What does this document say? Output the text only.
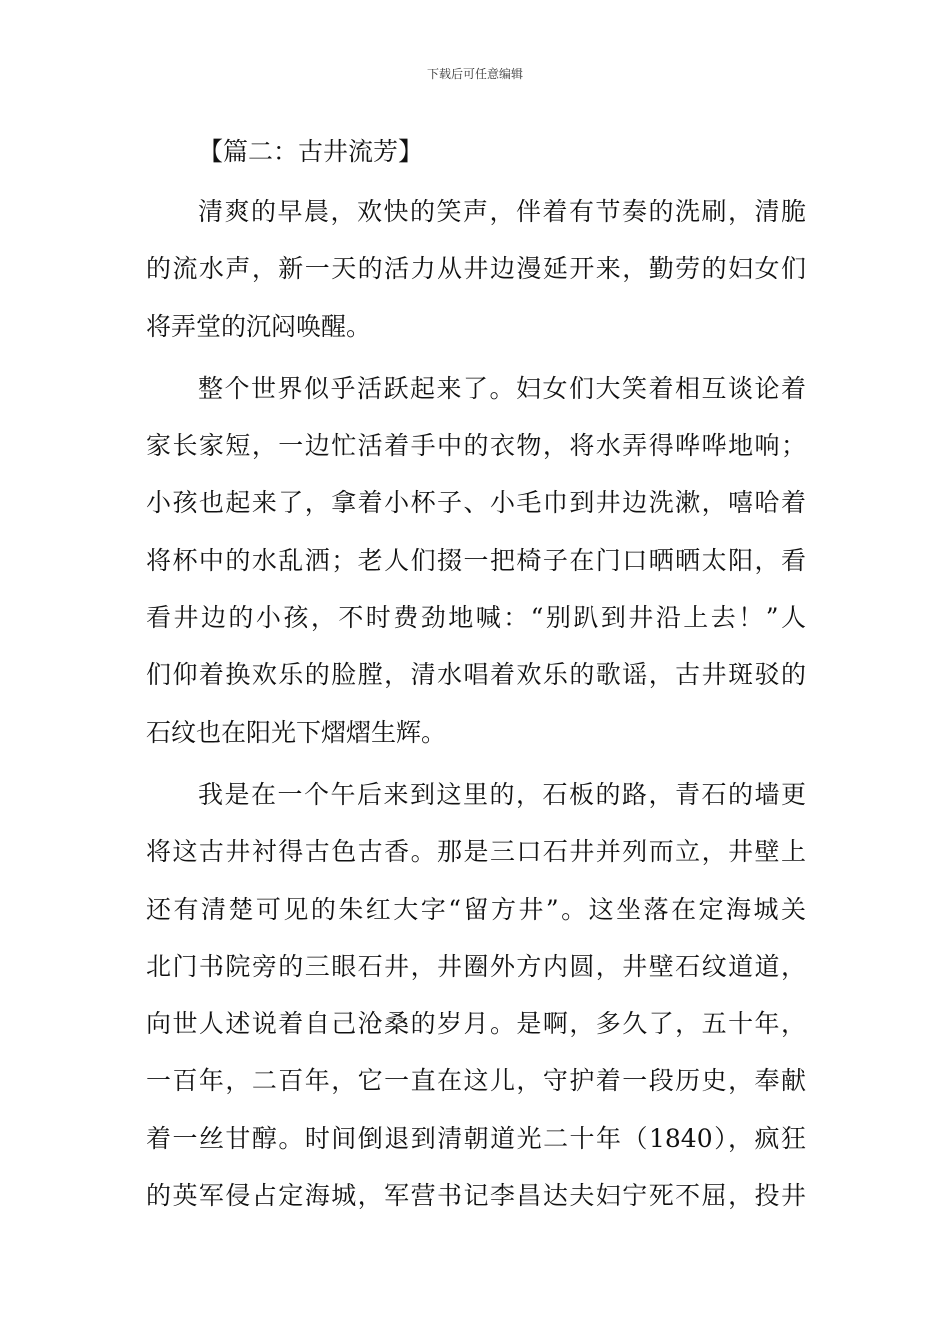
下载后可任意编辑
【篇二：古井流芳】
清爽的早晨，欢快的笑声，伴着有节奏的洗刷，清脆
的流水声，新一天的活力从井边漫延开来，勤劳的妇女们
将弄堂的沉闷唤醒。
整个世界似乎活跃起来了。妇女们大笑着相互谈论着
家长家短，一边忙活着手中的衣物，将水弄得哗哗地响；
小孩也起来了，拿着小杯子、小毛巾到井边洗漱，嘻哈着
将杯中的水乱洒；老人们掇一把椅子在门口晒晒太阳，看
看井边的小孩，不时费劲地喊：“别趴到井沿上去！”人
们仰着换欢乐的脸膛，清水唱着欢乐的歌谣，古井斑驳的
石纹也在阳光下熠熠生辉。
我是在一个午后来到这里的，石板的路，青石的墙更
将这古井衬得古色古香。那是三口石井并列而立，井壁上
还有清楚可见的朱红大字“留方井”。这坐落在定海城关
北门书院旁的三眼石井，井圈外方内圆，井壁石纹道道，
向世人述说着自己沧桑的岁月。是啊，多久了，五十年，
一百年，二百年，它一直在这儿，守护着一段历史，奉献
着一丝甘醇。时间倒退到清朝道光二十年（1840），疯狂
的英军侵占定海城，军营书记李昌达夫妇宁死不屈，投井
